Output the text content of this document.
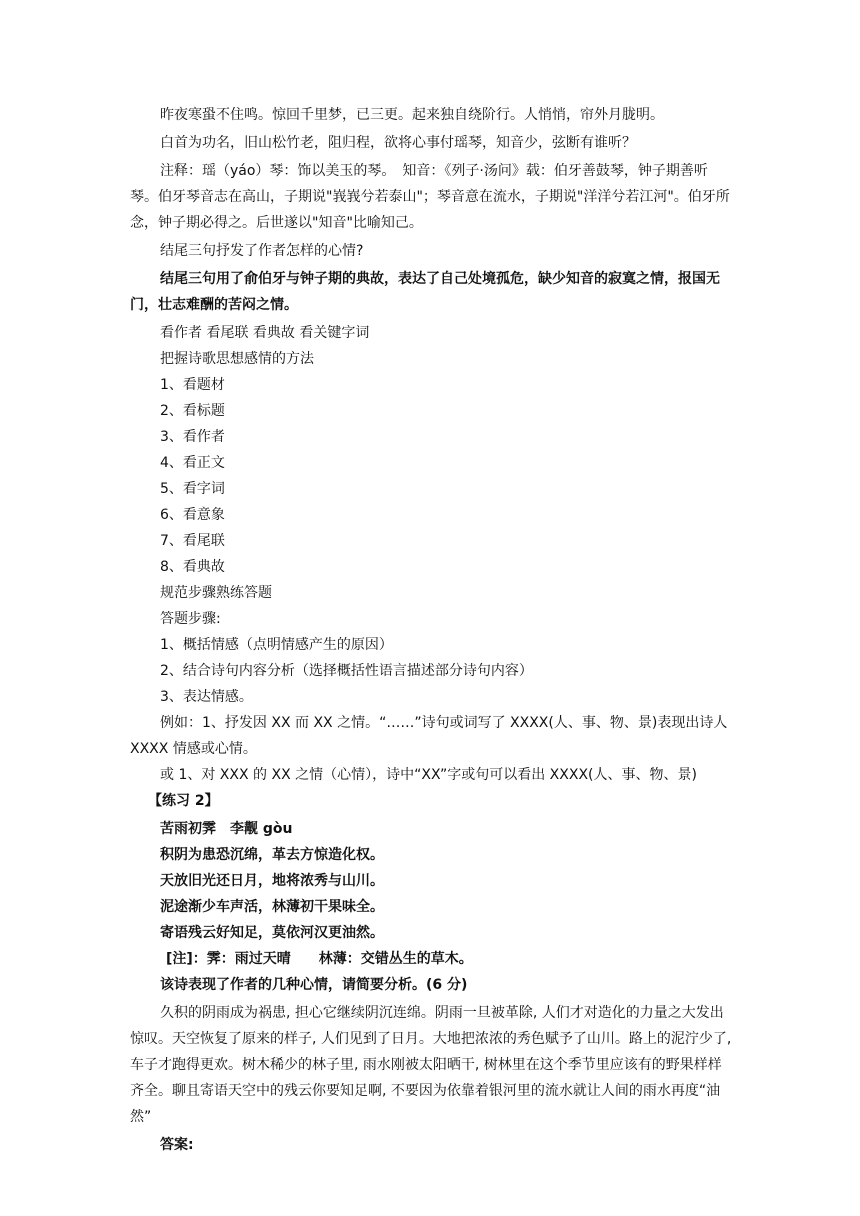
昨夜寒蛩不住鸣。惊回千里梦，已三更。起来独自绕阶行。人悄悄，帘外月胧明。

白首为功名，旧山松竹老，阻归程，欲将心事付瑶琴，知音少，弦断有谁听？

注释：瑶（yáo）琴：饰以美玉的琴。　知音：《列子·汤问》载：伯牙善鼓琴，钟子期善听琴。伯牙琴音志在高山，子期说"峩峩兮若泰山"；琴音意在流水，子期说"洋洋兮若江河"。伯牙所念，钟子期必得之。后世遂以"知音"比喻知己。

结尾三句抒发了作者怎样的心情?

结尾三句用了俞伯牙与钟子期的典故，表达了自己处境孤危，缺少知音的寂寞之情，报国无门，壮志难酬的苦闷之情。

看作者 看尾联 看典故 看关键字词

把握诗歌思想感情的方法

1、看题材

2、看标题

3、看作者

4、看正文

5、看字词

6、看意象

7、看尾联

8、看典故

规范步骤熟练答题

答题步骤:

1、概括情感（点明情感产生的原因）

2、结合诗句内容分析（选择概括性语言描述部分诗句内容）

3、表达情感。

例如：1、抒发因 XX 而 XX 之情。“……”诗句或词写了 XXXX(人、事、物、景)表现出诗人 XXXX 情感或心情。

或 1、对 XXX 的 XX 之情（心情），诗中“XX”字或句可以看出 XXXX(人、事、物、景)

【练习 2】

苦雨初霁　李觏 gòu

积阴为患恐沉绵，革去方惊造化权。

天放旧光还日月，地将浓秀与山川。

泥途渐少车声活，林薄初干果味全。

寄语残云好知足，莫依河汉更油然。

[注]：霁：雨过天晴　　林薄：交错丛生的草木。

该诗表现了作者的几种心情，请简要分析。(6 分)

久积的阴雨成为祸患, 担心它继续阴沉连绵。阴雨一旦被革除, 人们才对造化的力量之大发出惊叹。天空恢复了原来的样子, 人们见到了日月。大地把浓浓的秀色赋予了山川。路上的泥泞少了, 车子才跑得更欢。树木稀少的林子里, 雨水刚被太阳晒干, 树林里在这个季节里应该有的野果样样齐全。聊且寄语天空中的残云你要知足啊, 不要因为依靠着银河里的流水就让人间的雨水再度“油然”

答案:
